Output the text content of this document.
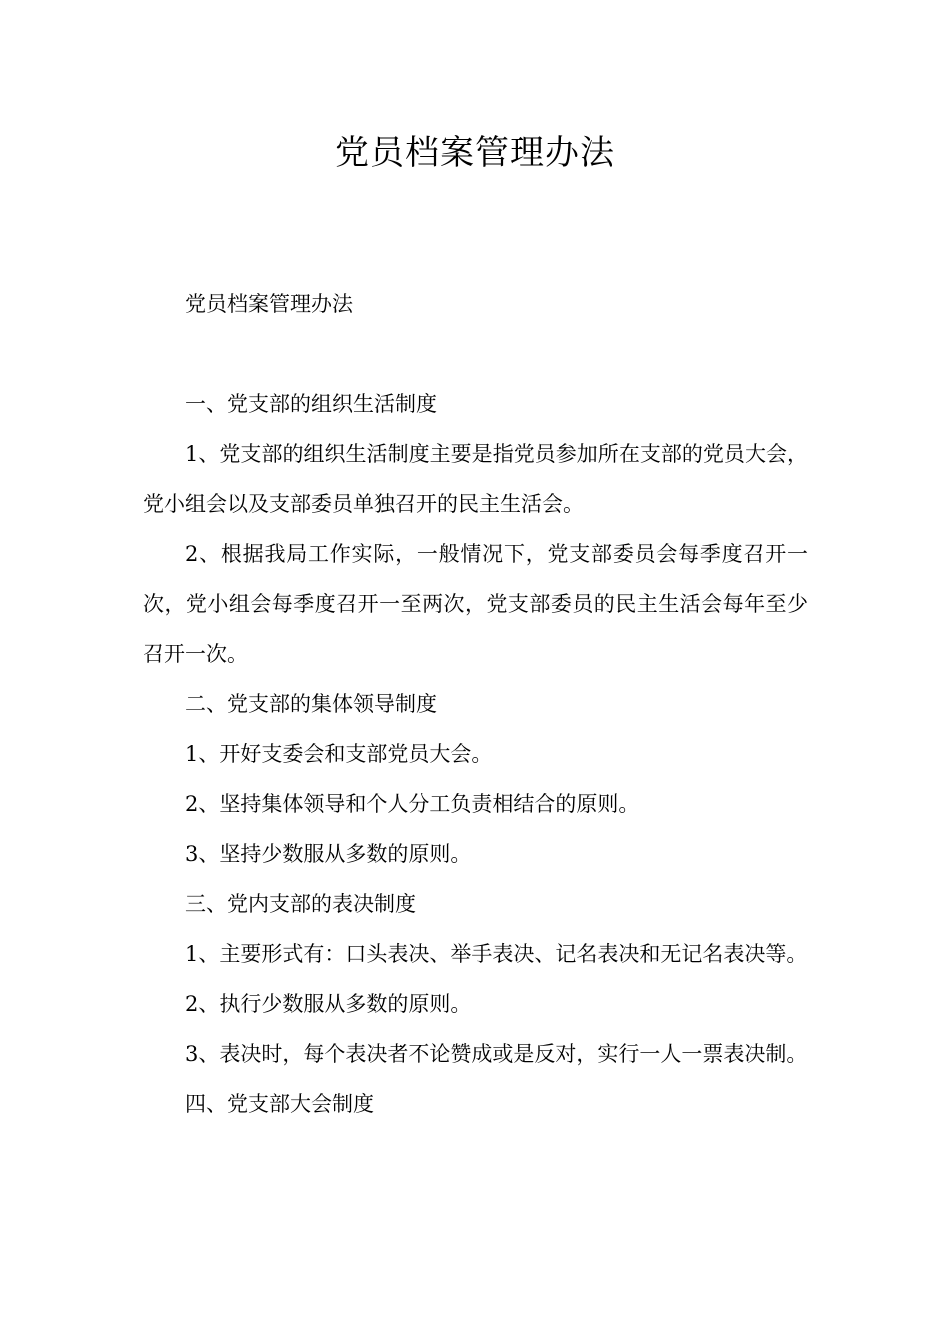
党员档案管理办法

党员档案管理办法

一、党支部的组织生活制度

1、党支部的组织生活制度主要是指党员参加所在支部的党员大会，党小组会以及支部委员单独召开的民主生活会。

2、根据我局工作实际，一般情况下，党支部委员会每季度召开一次，党小组会每季度召开一至两次，党支部委员的民主生活会每年至少召开一次。

二、党支部的集体领导制度

1、开好支委会和支部党员大会。

2、坚持集体领导和个人分工负责相结合的原则。

3、坚持少数服从多数的原则。

三、党内支部的表决制度

1、主要形式有：口头表决、举手表决、记名表决和无记名表决等。

2、执行少数服从多数的原则。

3、表决时，每个表决者不论赞成或是反对，实行一人一票表决制。

四、党支部大会制度
